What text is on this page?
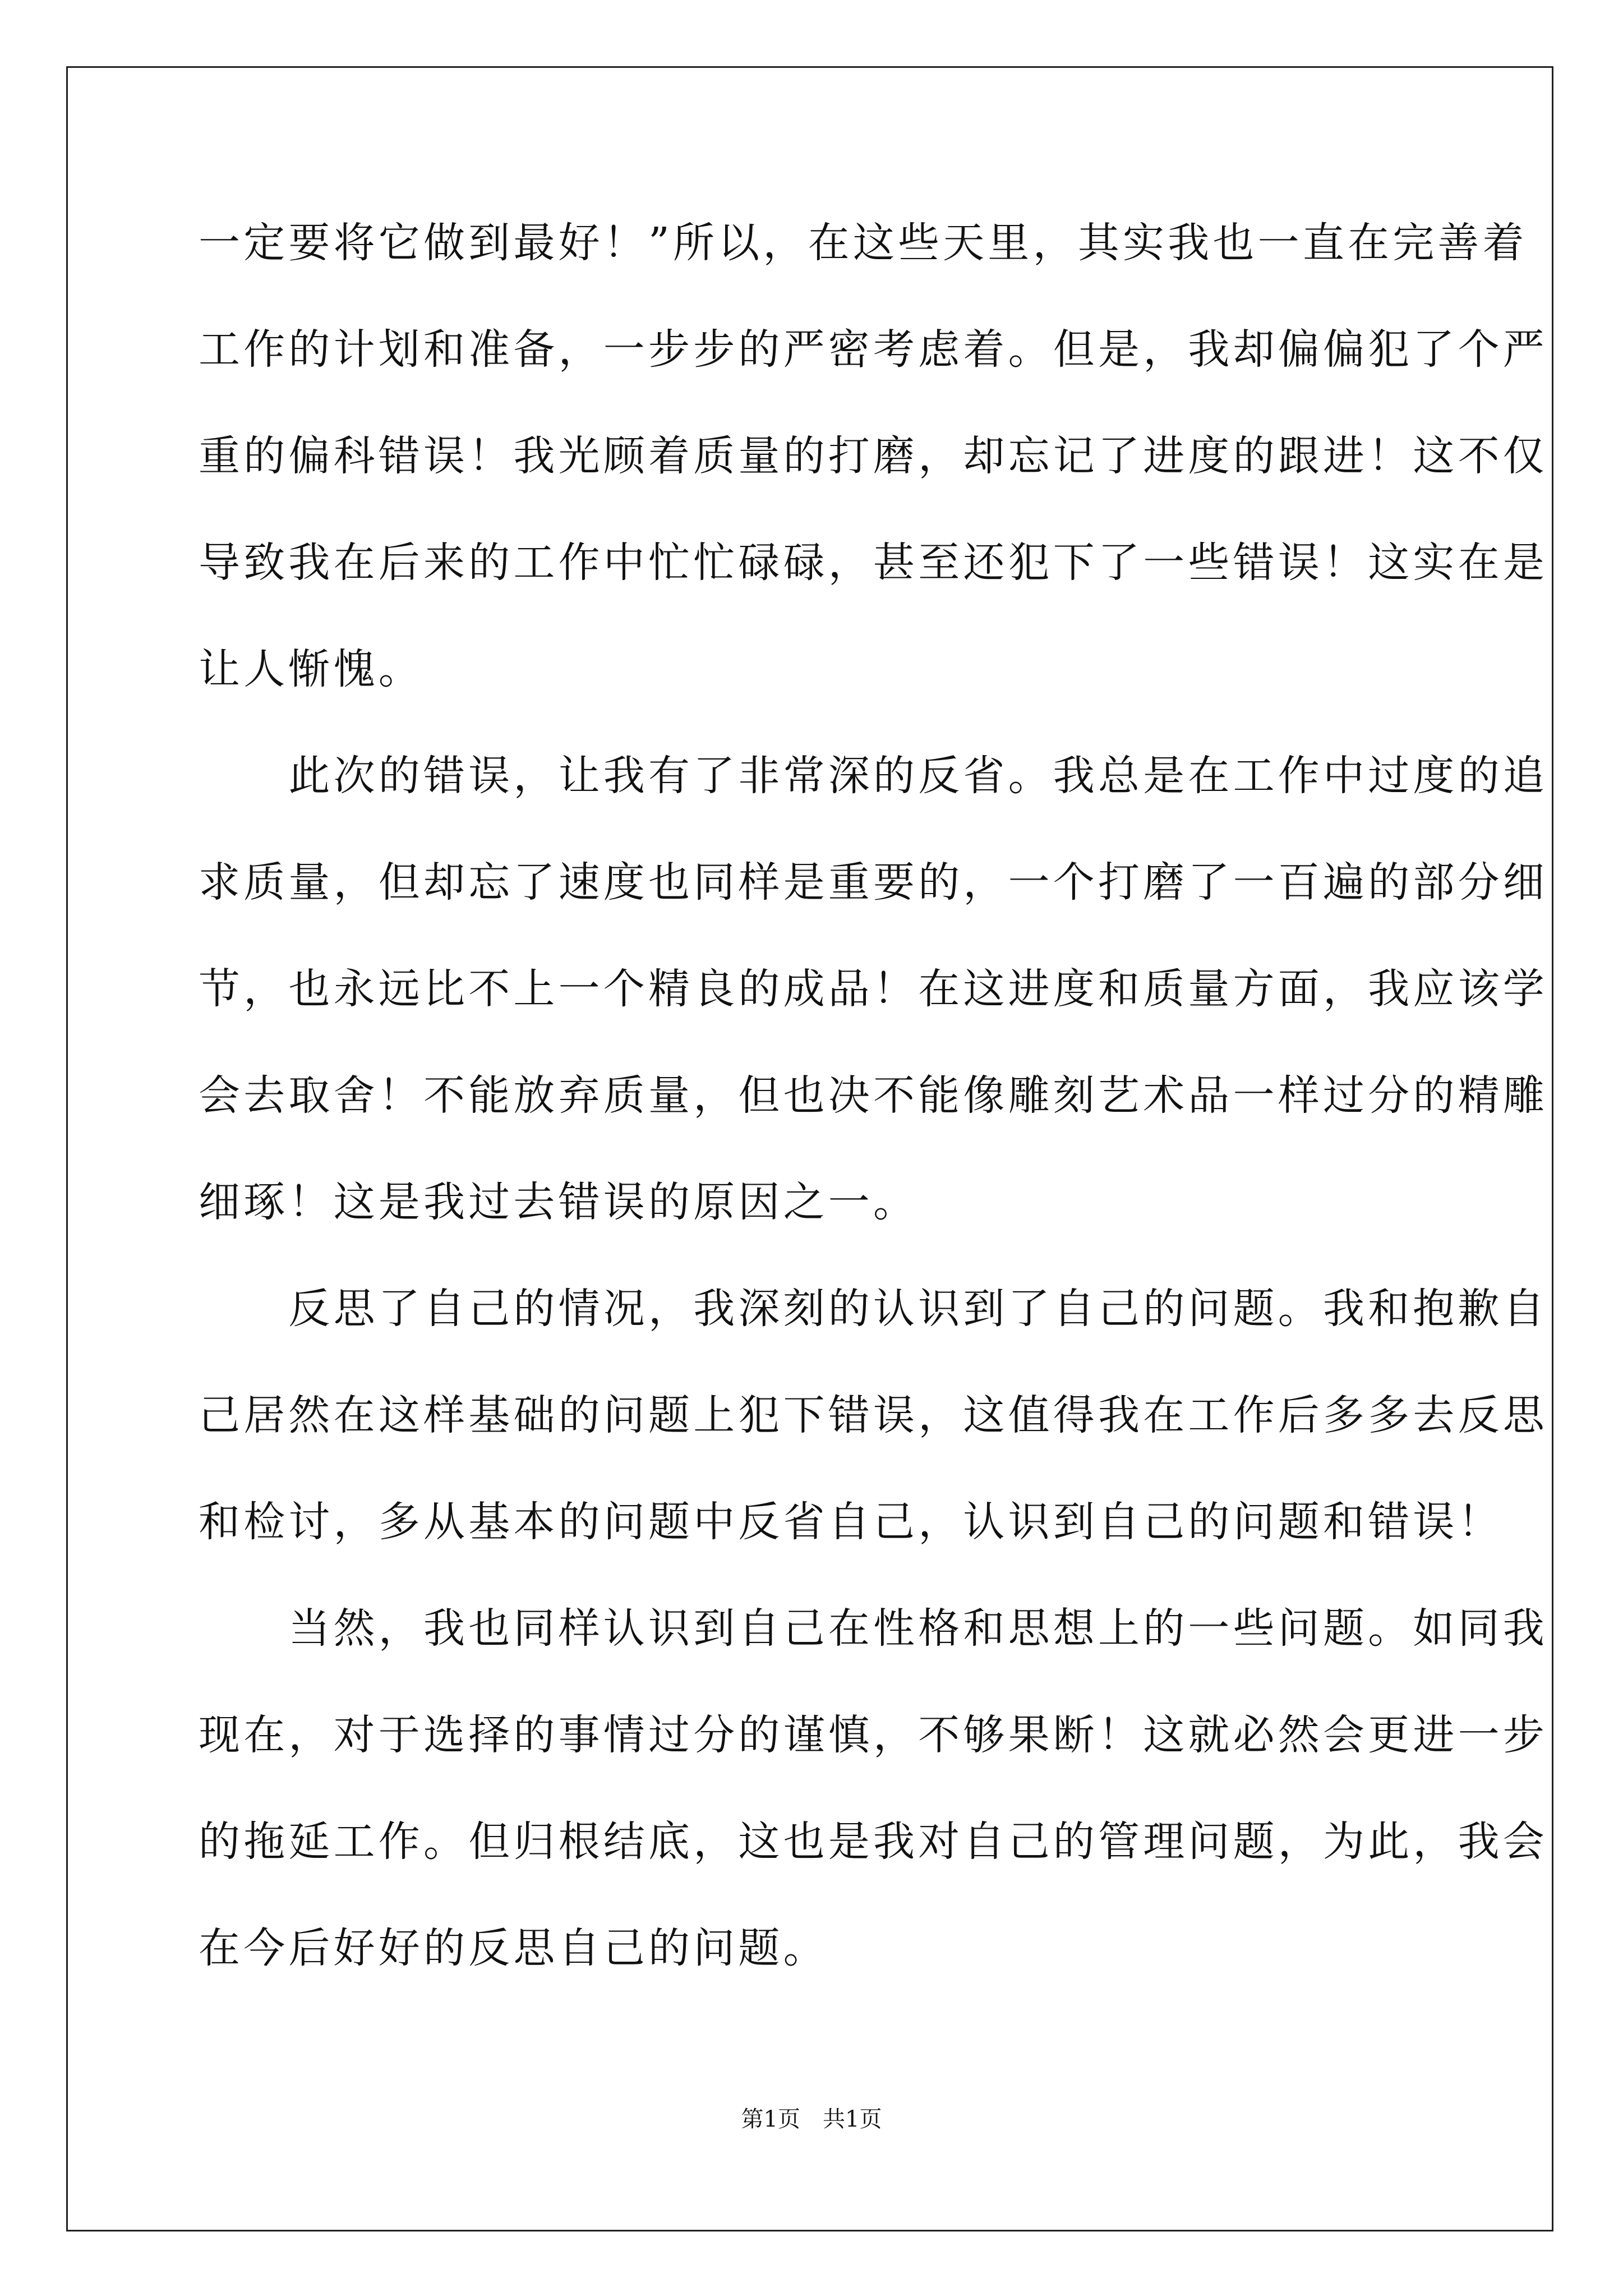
一定要将它做到最好！”所以，在这些天里，其实我也一直在完善着
工作的计划和准备，一步步的严密考虑着。但是，我却偏偏犯了个严
重的偏科错误！我光顾着质量的打磨，却忘记了进度的跟进！这不仅
导致我在后来的工作中忙忙碌碌，甚至还犯下了一些错误！这实在是
让人惭愧。
　　此次的错误，让我有了非常深的反省。我总是在工作中过度的追
求质量，但却忘了速度也同样是重要的，一个打磨了一百遍的部分细
节，也永远比不上一个精良的成品！在这进度和质量方面，我应该学
会去取舍！不能放弃质量，但也决不能像雕刻艺术品一样过分的精雕
细琢！这是我过去错误的原因之一。
　　反思了自己的情况，我深刻的认识到了自己的问题。我和抱歉自
己居然在这样基础的问题上犯下错误，这值得我在工作后多多去反思
和检讨，多从基本的问题中反省自己，认识到自己的问题和错误！
　　当然，我也同样认识到自己在性格和思想上的一些问题。如同我
现在，对于选择的事情过分的谨慎，不够果断！这就必然会更进一步
的拖延工作。但归根结底，这也是我对自己的管理问题，为此，我会
在今后好好的反思自己的问题。
第1页 共1页
